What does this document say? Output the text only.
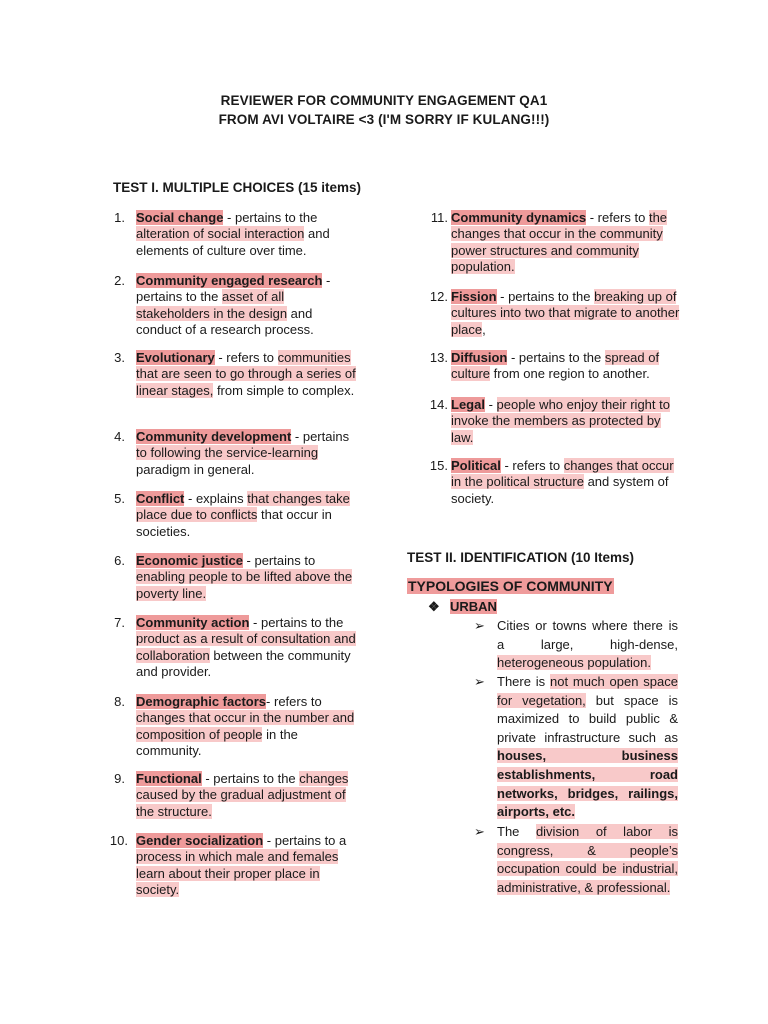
REVIEWER FOR COMMUNITY ENGAGEMENT QA1
FROM AVI VOLTAIRE <3 (I'M SORRY IF KULANG!!!)
TEST I. MULTIPLE CHOICES (15 items)
1. Social change - pertains to the alteration of social interaction and elements of culture over time.
2. Community engaged research - pertains to the asset of all stakeholders in the design and conduct of a research process.
3. Evolutionary - refers to communities that are seen to go through a series of linear stages, from simple to complex.
4. Community development - pertains to following the service-learning paradigm in general.
5. Conflict - explains that changes take place due to conflicts that occur in societies.
6. Economic justice - pertains to enabling people to be lifted above the poverty line.
7. Community action - pertains to the product as a result of consultation and collaboration between the community and provider.
8. Demographic factors- refers to changes that occur in the number and composition of people in the community.
9. Functional - pertains to the changes caused by the gradual adjustment of the structure.
10. Gender socialization - pertains to a process in which male and females learn about their proper place in society.
11. Community dynamics - refers to the changes that occur in the community power structures and community population.
12. Fission - pertains to the breaking up of cultures into two that migrate to another place,
13. Diffusion - pertains to the spread of culture from one region to another.
14. Legal - people who enjoy their right to invoke the members as protected by law.
15. Political - refers to changes that occur in the political structure and system of society.
TEST II. IDENTIFICATION (10 Items)
TYPOLOGIES OF COMMUNITY
❖ URBAN
➢ Cities or towns where there is a large, high-dense, heterogeneous population.
➢ There is not much open space for vegetation, but space is maximized to build public & private infrastructure such as houses, business establishments, road networks, bridges, railings, airports, etc.
➢ The division of labor is congress, & people’s occupation could be industrial, administrative, & professional.
